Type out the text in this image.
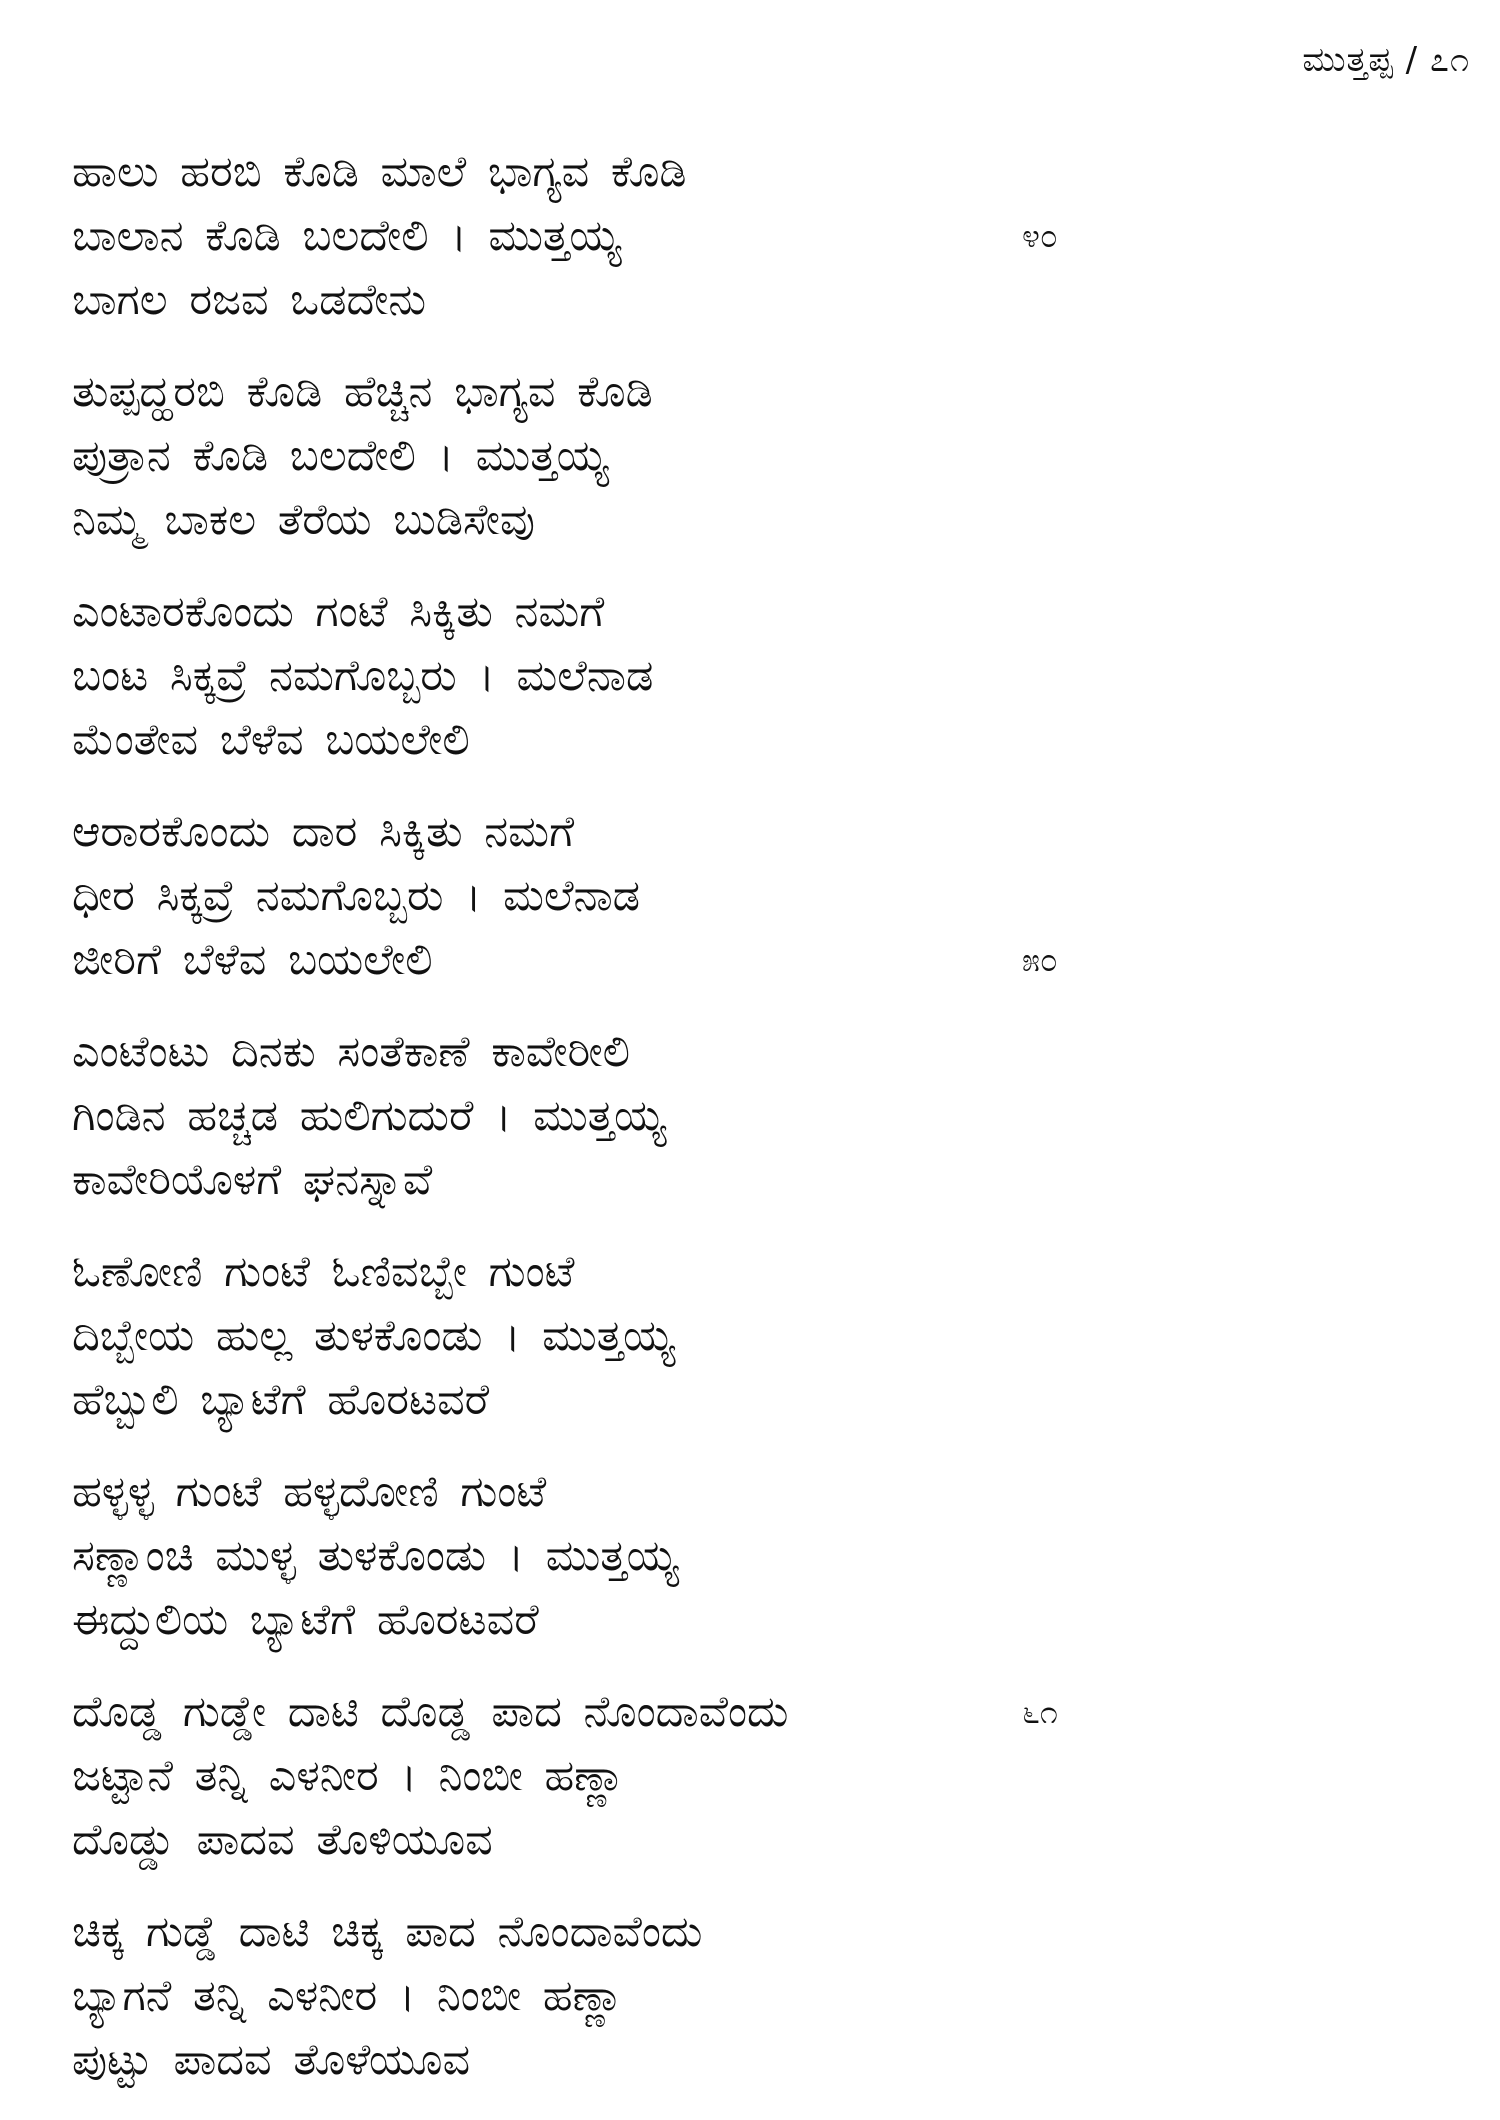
ಮುತ್ತಪ್ಪ / ೭೧
ಹಾಲು ಹರಬಿ ಕೊಡಿ ಮಾಲೆ ಭಾಗ್ಯವ ಕೊಡಿ
ಬಾಲಾನ ಕೊಡಿ ಬಲದೇಲಿ । ಮುತ್ತಯ್ಯ
ಬಾಗಲ ರಜವ ಒಡದೇನು
೪೦
ತುಪ್ಪದ್ಹರಬಿ ಕೊಡಿ ಹೆಚ್ಚಿನ ಭಾಗ್ಯವ ಕೊಡಿ
ಪುತ್ರಾನ ಕೊಡಿ ಬಲದೇಲಿ । ಮುತ್ತಯ್ಯ
ನಿಮ್ಮ ಬಾಕಲ ತೆರೆಯ ಬುಡಿಸೇವು
ಎಂಟಾರಕೊಂದು ಗಂಟೆ ಸಿಕ್ಕಿತು ನಮಗೆ
ಬಂಟ ಸಿಕ್ಕವ್ರೆ ನಮಗೊಬ್ಬರು । ಮಲೆನಾಡ
ಮೆಂತೇವ ಬೆಳೆವ ಬಯಲೇಲಿ
ಆರಾರಕೊಂದು ದಾರ ಸಿಕ್ಕಿತು ನಮಗೆ
ಧೀರ ಸಿಕ್ಕವ್ರೆ ನಮಗೊಬ್ಬರು । ಮಲೆನಾಡ
ಜೀರಿಗೆ ಬೆಳೆವ ಬಯಲೇಲಿ	೫೦
ಎಂಟೆಂಟು ದಿನಕು ಸಂತೆಕಾಣೆ ಕಾವೇರೀಲಿ
ಗಿಂಡಿನ ಹಚ್ಚಡ ಹುಲಿಗುದುರೆ । ಮುತ್ತಯ್ಯ
ಕಾವೇರಿಯೊಳಗೆ ಘನಸ್ನಾವೆ
ಓಣೋಣಿ ಗುಂಟೆ ಓಣಿವಬ್ಬೇ ಗುಂಟೆ
ದಿಬ್ಬೇಯ ಹುಲ್ಲ ತುಳಕೊಂಡು । ಮುತ್ತಯ್ಯ
ಹೆಬ್ಬುಲಿ ಬ್ಯಾಟೆಗೆ ಹೊರಟವರೆ
ಹಳ್ಳಳ್ಳ ಗುಂಟೆ ಹಳ್ಳದೋಣಿ ಗುಂಟೆ
ಸಣ್ಣಾಂಚಿ ಮುಳ್ಳ ತುಳಕೊಂಡು । ಮುತ್ತಯ್ಯ
ಈದ್ದುಲಿಯ ಬ್ಯಾಟೆಗೆ ಹೊರಟವರೆ
ದೊಡ್ಡ ಗುಡ್ಡೇ ದಾಟಿ ದೊಡ್ಡ ಪಾದ ನೊಂದಾವೆಂದು
ಜಟ್ಟಾನೆ ತನ್ನಿ ಎಳನೀರ । ನಿಂಬೀ ಹಣ್ಣಾ
ದೊಡ್ಡು ಪಾದವ ತೊಳಿಯೂವ
೬೧
ಚಿಕ್ಕ ಗುಡ್ಡೆ ದಾಟಿ ಚಿಕ್ಕ ಪಾದ ನೊಂದಾವೆಂದು
ಬ್ಯಾಗನೆ ತನ್ನಿ ಎಳನೀರ । ನಿಂಬೀ ಹಣ್ಣಾ
ಪುಟ್ಟು ಪಾದವ ತೊಳೆಯೂವ
